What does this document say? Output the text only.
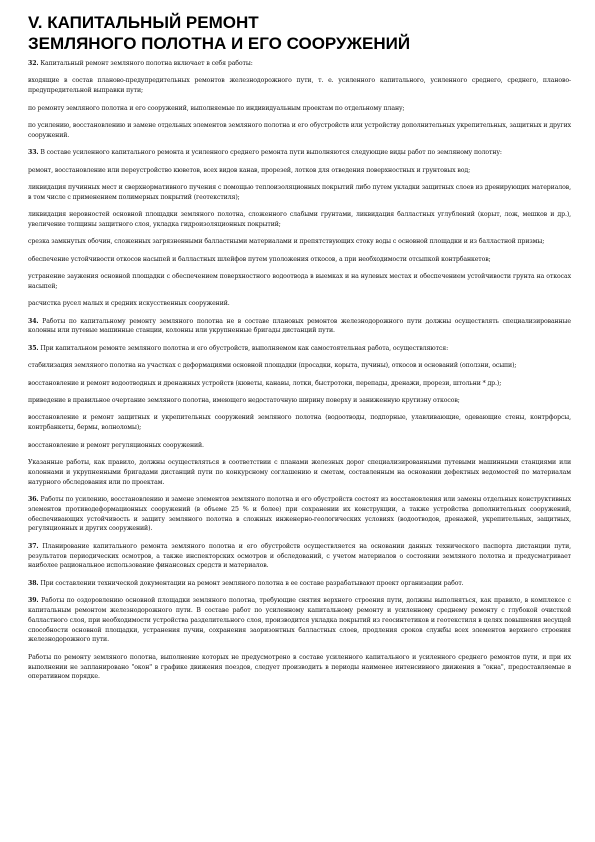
V. КАПИТАЛЬНЫЙ РЕМОНТ
ЗЕМЛЯНОГО ПОЛОТНА И ЕГО СООРУЖЕНИЙ
32. Капитальный ремонт земляного полотна включает в себя работы:
входящие в состав планово-предупредительных ремонтов железнодорожного пути, т. е. усиленного капитального, усиленного среднего, среднего, планово-предупредительной выправки пути;
по ремонту земляного полотна и его сооружений, выполняемые по индивидуальным проектам по отдельному плану;
по усилению, восстановлению и замене отдельных элементов земляного полотна и его обустройств или устройству дополнительных укрепительных, защитных и других сооружений.
33. В составе усиленного капитального ремонта и усиленного среднего ремонта пути выполняются следующие виды работ по земляному полотну:
ремонт, восстановление или переустройство кюветов, всех видов канав, прорезей, лотков для отведения поверхностных и грунтовых вод;
ликвидация пучинных мест и сверхнормативного пучения с помощью теплоизоляционных покрытий либо путем укладки защитных слоев из дренирующих материалов, в том числе с применением полимерных покрытий (геотекстиля);
ликвидация неровностей основной площадки земляного полотна, сложенного слабыми грунтами, ликвидация балластных углублений (корыт, лож, мешков и др.), увеличение толщины защитного слоя, укладка гидроизоляционных покрытий;
срезка замкнутых обочин, сложенных загрязненными балластными материалами и препятствующих стоку воды с основной площадки и из балластной призмы;
обеспечение устойчивости откосов насыпей и балластных шлейфов путем уположения откосов, а при необходимости отсыпкой контрбанкетов;
устранение заужения основной площадки с обеспечением поверхностного водоотвода в выемках и на нулевых местах и обеспечением устойчивости грунта на откосах насыпей;
расчистка русел малых и средних искусственных сооружений.
34. Работы по капитальному ремонту земляного полотна не в составе плановых ремонтов железнодорожного пути должны осуществлять специализированные колонны или путевые машинные станции, колонны или укрупненные бригады дистанций пути.
35. При капитальном ремонте земляного полотна и его обустройств, выполняемом как самостоятельная работа, осуществляются:
стабилизация земляного полотна на участках с деформациями основной площадки (просадки, корыта, пучины), откосов и оснований (оползни, осыпи);
восстановление и ремонт водоотводных и дренажных устройств (кюветы, канавы, лотки, быстротоки, перепады, дренажи, прорези, штольни * др.);
приведение в правильное очертание земляного полотна, имеющего недостаточную ширину поверху и заниженную крутизну откосов;
восстановление и ремонт защитных и укрепительных сооружений земляного полотна (водоотводы, подпорные, улавливающие, одевающие стены, контрфорсы, контрбанкеты, бермы, волноломы);
восстановление и ремонт регуляционных сооружений.
Указанные работы, как правило, должны осуществляться в соответствии с планами железных дорог специализированными путевыми машинными станциями или колоннами и укрупненными бригадами дистанций пути по конкурсному соглашению и сметам, составленным на основании дефектных ведомостей по материалам натурного обследования или по проектам.
36. Работы по усилению, восстановлению и замене элементов земляного полотна и его обустройств состоят из восстановления или замены отдельных конструктивных элементов противодеформационных сооружений (в объеме 25 % и более) при сохранении их конструкции, а также устройства дополнительных сооружений, обеспечивающих устойчивость и защиту земляного полотна в сложных инженерно-геологических условиях (водоотводов, дренажей, укрепительных, защитных, регуляционных и других сооружений).
37. Планирование капитального ремонта земляного полотна и его обустройств осуществляется на основании данных технического паспорта дистанции пути, результатов периодических осмотров, а также инспекторских осмотров и обследований, с учетом материалов о состоянии земляного полотна и предусматривает наиболее рациональное использование финансовых средств и материалов.
38. При составлении технической документации на ремонт земляного полотна в ее составе разрабатывают проект организации работ.
39. Работы по оздоровлению основной площадки земляного полотна, требующие снятия верхнего строения пути, должны выполняться, как правило, в комплексе с капитальным ремонтом железнодорожного пути. В составе работ по усиленному капитальному ремонту и усиленному среднему ремонту с глубокой очисткой балластного слоя, при необходимости устройства разделительного слоя, производится укладка покрытий из геосинтетиков и геотекстиля в целях повышения несущей способности основной площадки, устранения пучин, сохранения заоризонтных балластных слоев, продления сроков службы всех элементов верхнего строения железнодорожного пути.
Работы по ремонту земляного полотна, выполнение которых не предусмотрено в составе усиленного капитального и усиленного среднего ремонтов пути, и при их выполнении не запланировано "окон" в графике движения поездов, следует производить в периоды наименее интенсивного движения в "окна", предоставляемые в оперативном порядке.
